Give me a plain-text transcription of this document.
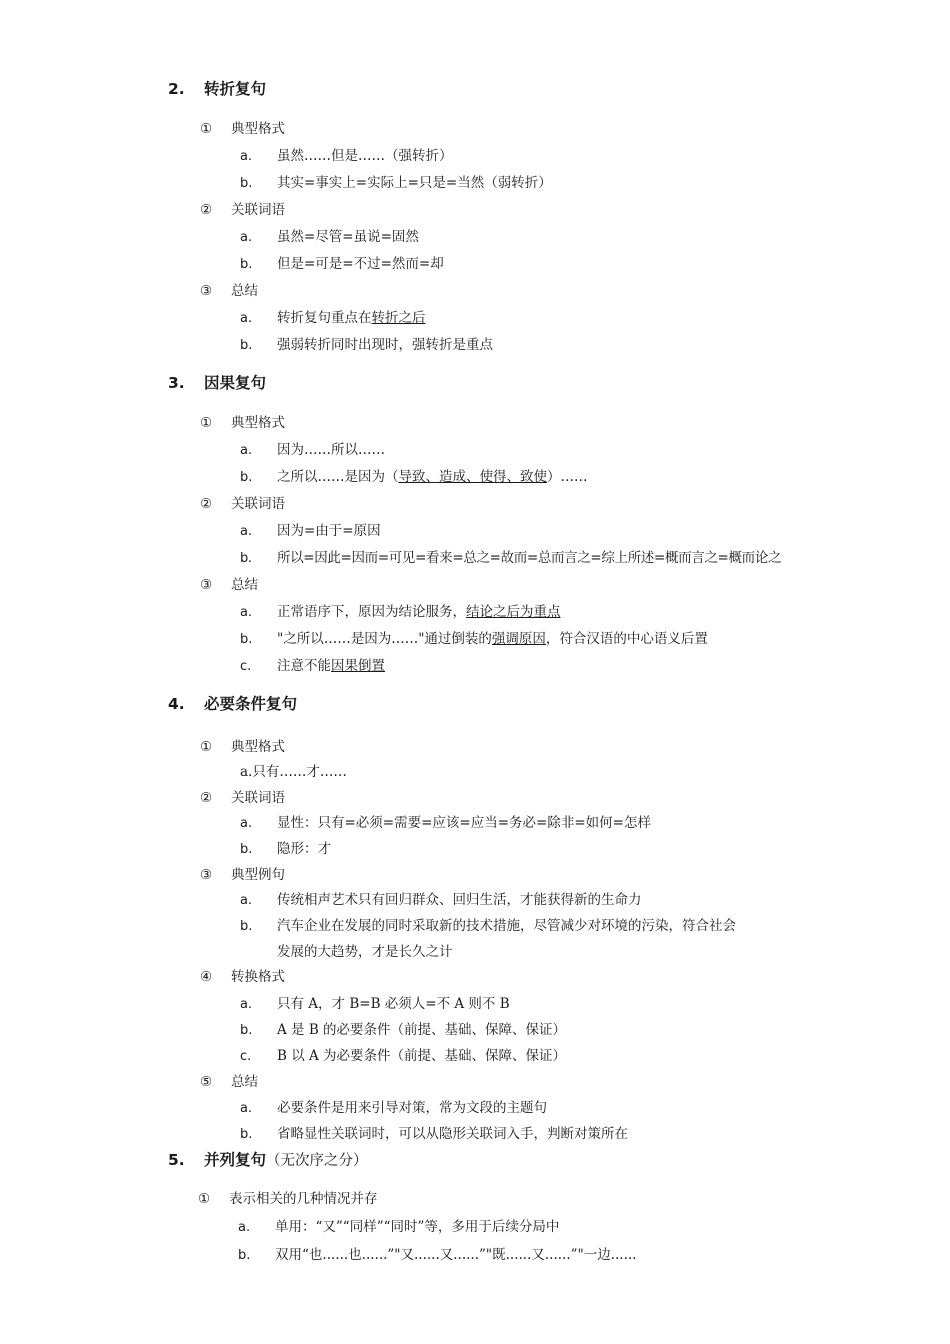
2. 转折复句
① 典型格式
a. 虽然……但是……（强转折）
b. 其实=事实上=实际上=只是=当然（弱转折）
② 关联词语
a. 虽然=尽管=虽说=固然
b. 但是=可是=不过=然而=却
③ 总结
a. 转折复句重点在转折之后
b. 强弱转折同时出现时，强转折是重点
3. 因果复句
① 典型格式
a. 因为……所以……
b. 之所以……是因为（导致、造成、使得、致使）……
② 关联词语
a. 因为=由于=原因
b. 所以=因此=因而=可见=看来=总之=故而=总而言之=综上所述=概而言之=概而论之
③ 总结
a. 正常语序下，原因为结论服务，结论之后为重点
b. "之所以……是因为……"通过倒装的强调原因，符合汉语的中心语义后置
c. 注意不能因果倒置
4. 必要条件复句
① 典型格式
a.只有……才……
② 关联词语
a. 显性：只有=必须=需要=应该=应当=务必=除非=如何=怎样
b. 隐形：才
③ 典型例句
a. 传统相声艺术只有回归群众、回归生活，才能获得新的生命力
b. 汽车企业在发展的同时采取新的技术措施，尽管减少对环境的污染，符合社会
发展的大趋势，才是长久之计
④ 转换格式
a. 只有 A，才 B=B 必须人=不 A 则不 B
b. A 是 B 的必要条件（前提、基础、保障、保证）
c. B 以 A 为必要条件（前提、基础、保障、保证）
⑤ 总结
a. 必要条件是用来引导对策，常为文段的主题句
b. 省略显性关联词时，可以从隐形关联词入手，判断对策所在
5. 并列复句（无次序之分）
① 表示相关的几种情况并存
a. 单用：“又”“同样”“同时”等，多用于后续分局中
b. 双用“也......也......”"又......又......”"既......又......”"一边......
